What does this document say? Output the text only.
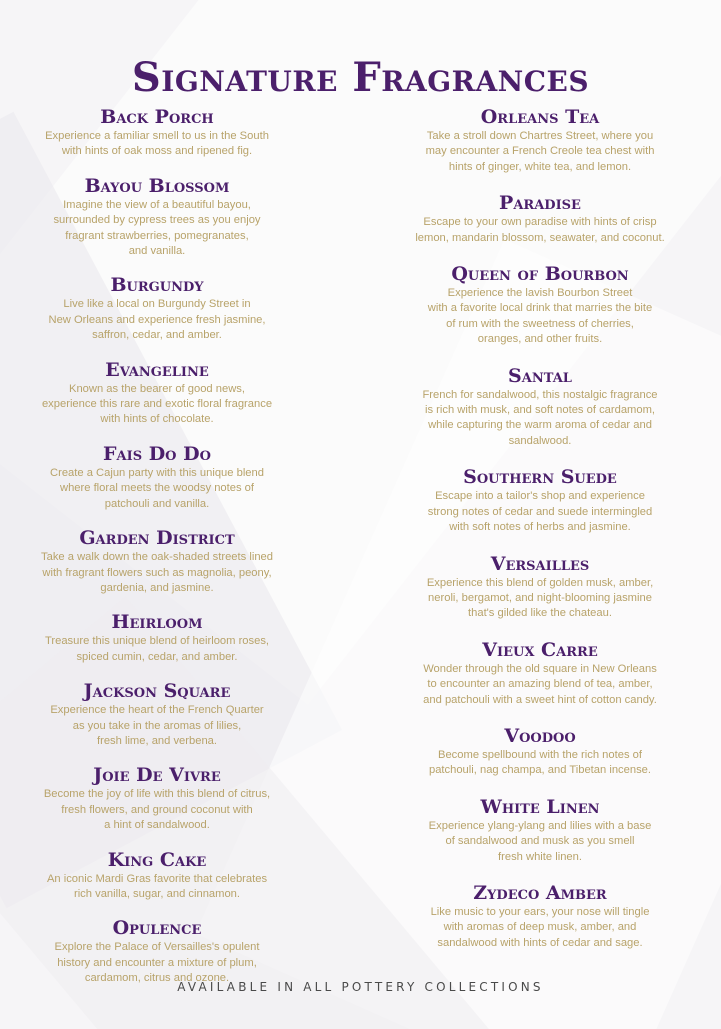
Signature Fragrances
Back Porch

Experience a familiar smell to us in the South
with hints of oak moss and ripened fig.

Bayou Blossom

Imagine the view of a beautiful bayou,
surrounded by cypress trees as you enjoy
fragrant strawberries, pomegranates,
and vanilla.

Burgundy

Live like a local on Burgundy Street in
New Orleans and experience fresh jasmine,
saffron, cedar, and amber.

Evangeline

Known as the bearer of good news,
experience this rare and exotic floral fragrance
with hints of chocolate.

Fais Do Do

Create a Cajun party with this unique blend
where floral meets the woodsy notes of
patchouli and vanilla.

Garden District

Take a walk down the oak-shaded streets lined
with fragrant flowers such as magnolia, peony,
gardenia, and jasmine.

Heirloom

Treasure this unique blend of heirloom roses,
spiced cumin, cedar, and amber.

Jackson Square

Experience the heart of the French Quarter
as you take in the aromas of lilies,
fresh lime, and verbena.

Joie De Vivre

Become the joy of life with this blend of citrus,
fresh flowers, and ground coconut with
a hint of sandalwood.

King Cake

An iconic Mardi Gras favorite that celebrates
rich vanilla, sugar, and cinnamon.

Opulence

Explore the Palace of Versailles's opulent
history and encounter a mixture of plum,
cardamom, citrus and ozone.

Orleans Tea

Take a stroll down Chartres Street, where you
may encounter a French Creole tea chest with
hints of ginger, white tea, and lemon.

Paradise

Escape to your own paradise with hints of crisp
lemon, mandarin blossom, seawater, and coconut.

Queen of Bourbon

Experience the lavish Bourbon Street
with a favorite local drink that marries the bite
of rum with the sweetness of cherries,
oranges, and other fruits.

Santal

French for sandalwood, this nostalgic fragrance
is rich with musk, and soft notes of cardamom,
while capturing the warm aroma of cedar and
sandalwood.

Southern Suede

Escape into a tailor's shop and experience
strong notes of cedar and suede intermingled
with soft notes of herbs and jasmine.

Versailles

Experience this blend of golden musk, amber,
neroli, bergamot, and night-blooming jasmine
that's gilded like the chateau.

Vieux Carre

Wonder through the old square in New Orleans
to encounter an amazing blend of tea, amber,
and patchouli with a sweet hint of cotton candy.

Voodoo

Become spellbound with the rich notes of
patchouli, nag champa, and Tibetan incense.

White Linen

Experience ylang-ylang and lilies with a base
of sandalwood and musk as you smell
fresh white linen.

Zydeco Amber

Like music to your ears, your nose will tingle
with aromas of deep musk, amber, and
sandalwood with hints of cedar and sage.

AVAILABLE IN ALL POTTERY COLLECTIONS
